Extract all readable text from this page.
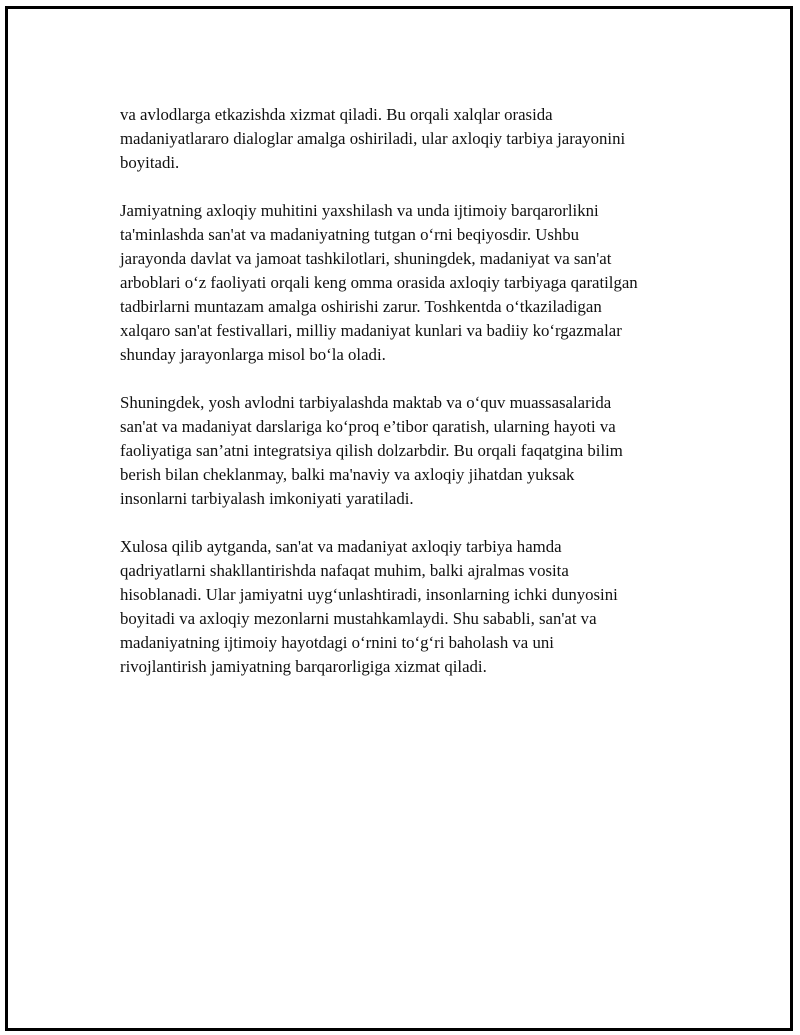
va avlodlarga etkazishda xizmat qiladi. Bu orqali xalqlar orasida
madaniyatlararo dialoglar amalga oshiriladi, ular axloqiy tarbiya jarayonini
boyitadi.

Jamiyatning axloqiy muhitini yaxshilash va unda ijtimoiy barqarorlikni
ta'minlashda san'at va madaniyatning tutgan o‘rni beqiyosdir. Ushbu
jarayonda davlat va jamoat tashkilotlari, shuningdek, madaniyat va san'at
arboblari o‘z faoliyati orqali keng omma orasida axloqiy tarbiyaga qaratilgan
tadbirlarni muntazam amalga oshirishi zarur. Toshkentda o‘tkaziladigan
xalqaro san'at festivallari, milliy madaniyat kunlari va badiiy ko‘rgazmalar
shunday jarayonlarga misol bo‘la oladi.

Shuningdek, yosh avlodni tarbiyalashda maktab va o‘quv muassasalarida
san'at va madaniyat darslariga ko‘proq e’tibor qaratish, ularning hayoti va
faoliyatiga san’atni integratsiya qilish dolzarbdir. Bu orqali faqatgina bilim
berish bilan cheklanmay, balki ma'naviy va axloqiy jihatdan yuksak
insonlarni tarbiyalash imkoniyati yaratiladi.

Xulosa qilib aytganda, san'at va madaniyat axloqiy tarbiya hamda
qadriyatlarni shakllantirishda nafaqat muhim, balki ajralmas vosita
hisoblanadi. Ular jamiyatni uyg‘unlashtiradi, insonlarning ichki dunyosini
boyitadi va axloqiy mezonlarni mustahkamlaydi. Shu sababli, san'at va
madaniyatning ijtimoiy hayotdagi o‘rnini to‘g‘ri baholash va uni
rivojlantirish jamiyatning barqarorligiga xizmat qiladi.
